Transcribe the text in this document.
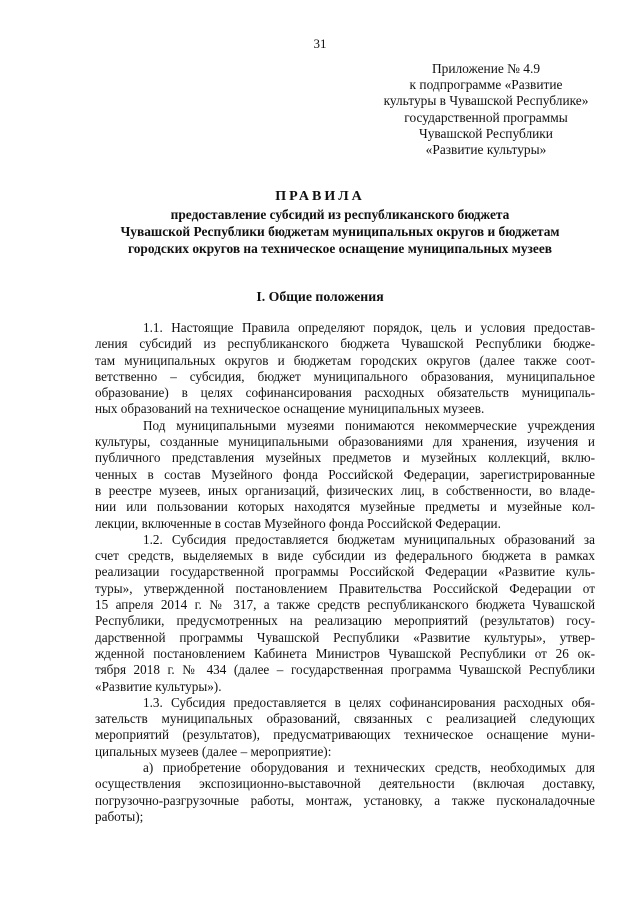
31
Приложение № 4.9
к подпрограмме «Развитие
культуры в Чувашской Республике»
государственной программы
Чувашской Республики
«Развитие культуры»
ПРАВИЛА
предоставление субсидий из республиканского бюджета
Чувашской Республики бюджетам муниципальных округов и бюджетам
городских округов на техническое оснащение муниципальных музеев
I. Общие положения
1.1. Настоящие Правила определяют порядок, цель и условия предостав-
ления субсидий из республиканского бюджета Чувашской Республики бюдже-
там муниципальных округов и бюджетам городских округов (далее также соот-
ветственно – субсидия, бюджет муниципального образования, муниципальное
образование) в целях софинансирования расходных обязательств муниципаль-
ных образований на техническое оснащение муниципальных музеев.
Под муниципальными музеями понимаются некоммерческие учреждения
культуры, созданные муниципальными образованиями для хранения, изучения и
публичного представления музейных предметов и музейных коллекций, вклю-
ченных в состав Музейного фонда Российской Федерации, зарегистрированные
в реестре музеев, иных организаций, физических лиц, в собственности, во владе-
нии или пользовании которых находятся музейные предметы и музейные кол-
лекции, включенные в состав Музейного фонда Российской Федерации.
1.2. Субсидия предоставляется бюджетам муниципальных образований за
счет средств, выделяемых в виде субсидии из федерального бюджета в рамках
реализации государственной программы Российской Федерации «Развитие куль-
туры», утвержденной постановлением Правительства Российской Федерации от
15 апреля 2014 г. № 317, а также средств республиканского бюджета Чувашской
Республики, предусмотренных на реализацию мероприятий (результатов) госу-
дарственной программы Чувашской Республики «Развитие культуры», утвер-
жденной постановлением Кабинета Министров Чувашской Республики от 26 ок-
тября 2018 г. № 434 (далее – государственная программа Чувашской Республики
«Развитие культуры»).
1.3. Субсидия предоставляется в целях софинансирования расходных обя-
зательств муниципальных образований, связанных с реализацией следующих
мероприятий (результатов), предусматривающих техническое оснащение муни-
ципальных музеев (далее – мероприятие):
а) приобретение оборудования и технических средств, необходимых для
осуществления экспозиционно-выставочной деятельности (включая доставку,
погрузочно-разгрузочные работы, монтаж, установку, а также пусконаладочные
работы);
